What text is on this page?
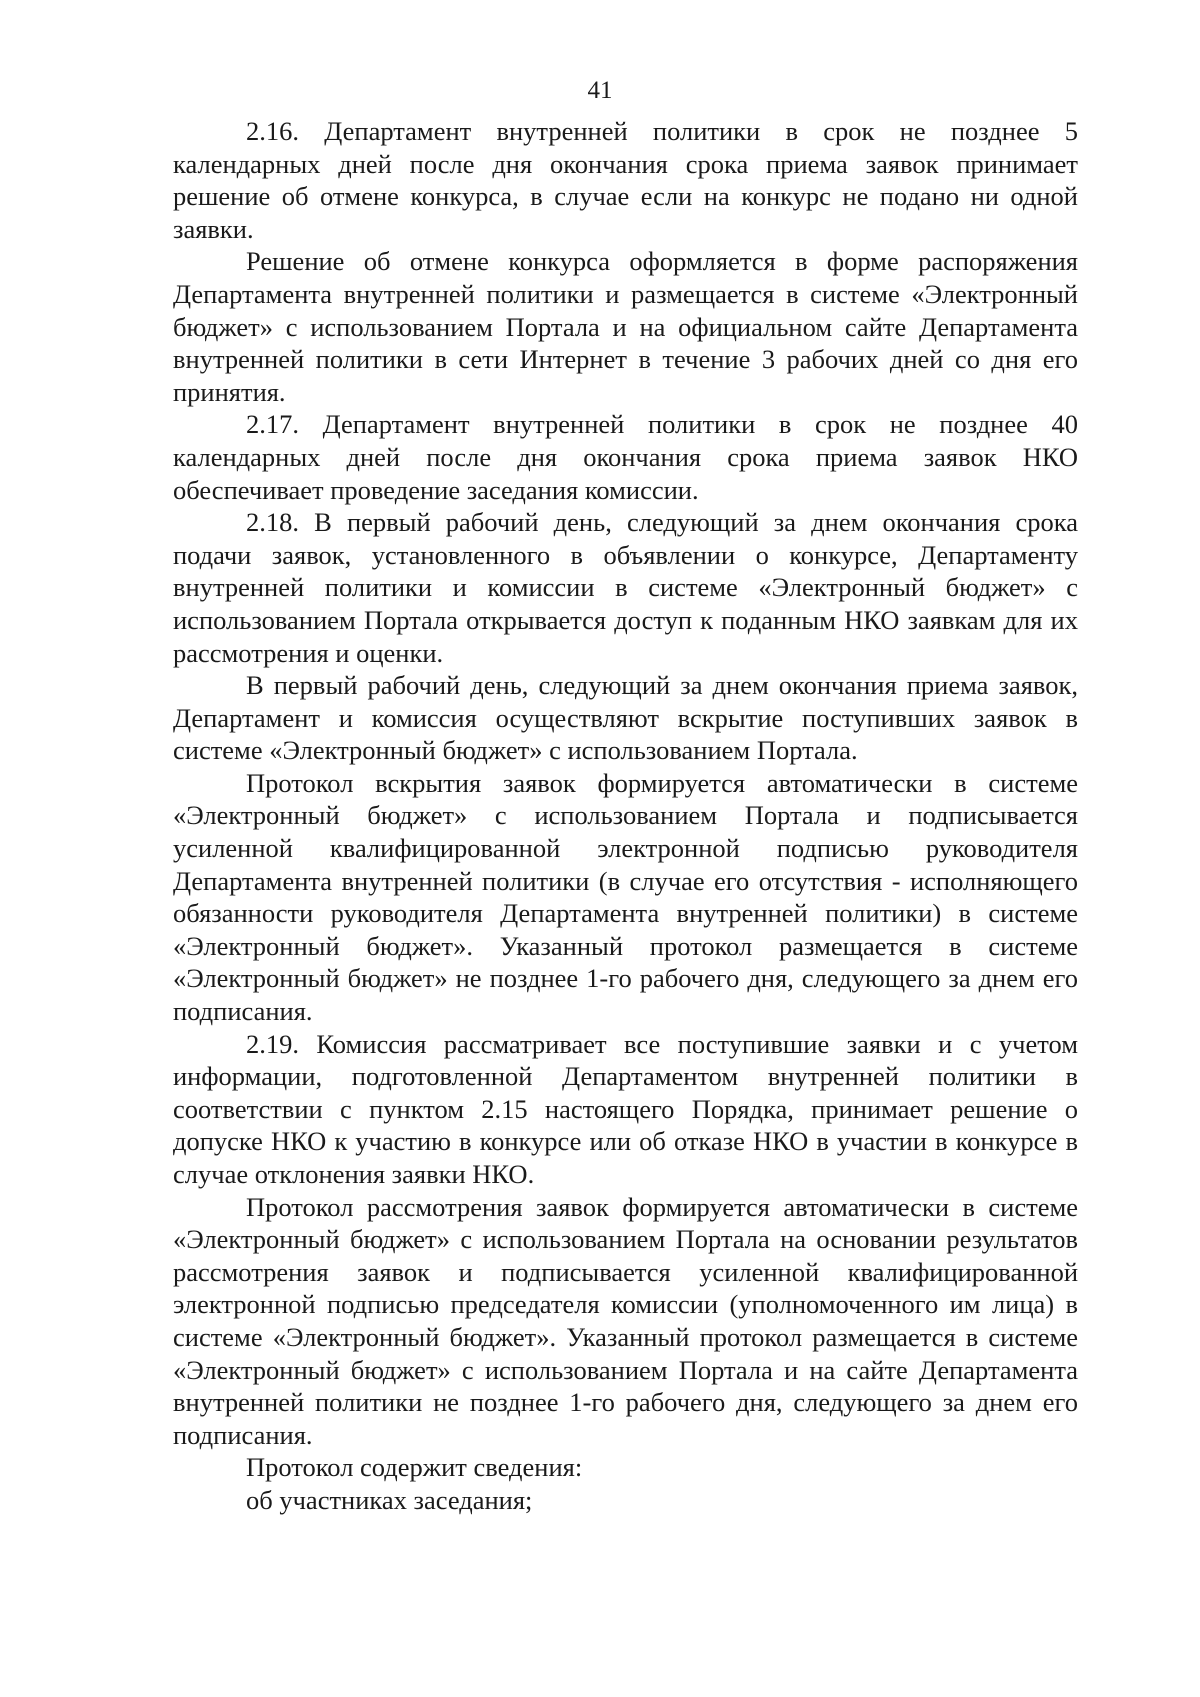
41

2.16. Департамент внутренней политики в срок не позднее 5 календарных дней после дня окончания срока приема заявок принимает решение об отмене конкурса, в случае если на конкурс не подано ни одной заявки.

Решение об отмене конкурса оформляется в форме распоряжения Департамента внутренней политики и размещается в системе «Электронный бюджет» с использованием Портала и на официальном сайте Департамента внутренней политики в сети Интернет в течение 3 рабочих дней со дня его принятия.

2.17. Департамент внутренней политики в срок не позднее 40 календарных дней после дня окончания срока приема заявок НКО обеспечивает проведение заседания комиссии.

2.18. В первый рабочий день, следующий за днем окончания срока подачи заявок, установленного в объявлении о конкурсе, Департаменту внутренней политики и комиссии в системе «Электронный бюджет» с использованием Портала открывается доступ к поданным НКО заявкам для их рассмотрения и оценки.

В первый рабочий день, следующий за днем окончания приема заявок, Департамент и комиссия осуществляют вскрытие поступивших заявок в системе «Электронный бюджет» с использованием Портала.

Протокол вскрытия заявок формируется автоматически в системе «Электронный бюджет» с использованием Портала и подписывается усиленной квалифицированной электронной подписью руководителя Департамента внутренней политики (в случае его отсутствия - исполняющего обязанности руководителя Департамента внутренней политики) в системе «Электронный бюджет». Указанный протокол размещается в системе «Электронный бюджет» не позднее 1-го рабочего дня, следующего за днем его подписания.

2.19. Комиссия рассматривает все поступившие заявки и с учетом информации, подготовленной Департаментом внутренней политики в соответствии с пунктом 2.15 настоящего Порядка, принимает решение о допуске НКО к участию в конкурсе или об отказе НКО в участии в конкурсе в случае отклонения заявки НКО.

Протокол рассмотрения заявок формируется автоматически в системе «Электронный бюджет» с использованием Портала на основании результатов рассмотрения заявок и подписывается усиленной квалифицированной электронной подписью председателя комиссии (уполномоченного им лица) в системе «Электронный бюджет». Указанный протокол размещается в системе «Электронный бюджет» с использованием Портала и на сайте Департамента внутренней политики не позднее 1-го рабочего дня, следующего за днем его подписания.

Протокол содержит сведения:

об участниках заседания;
